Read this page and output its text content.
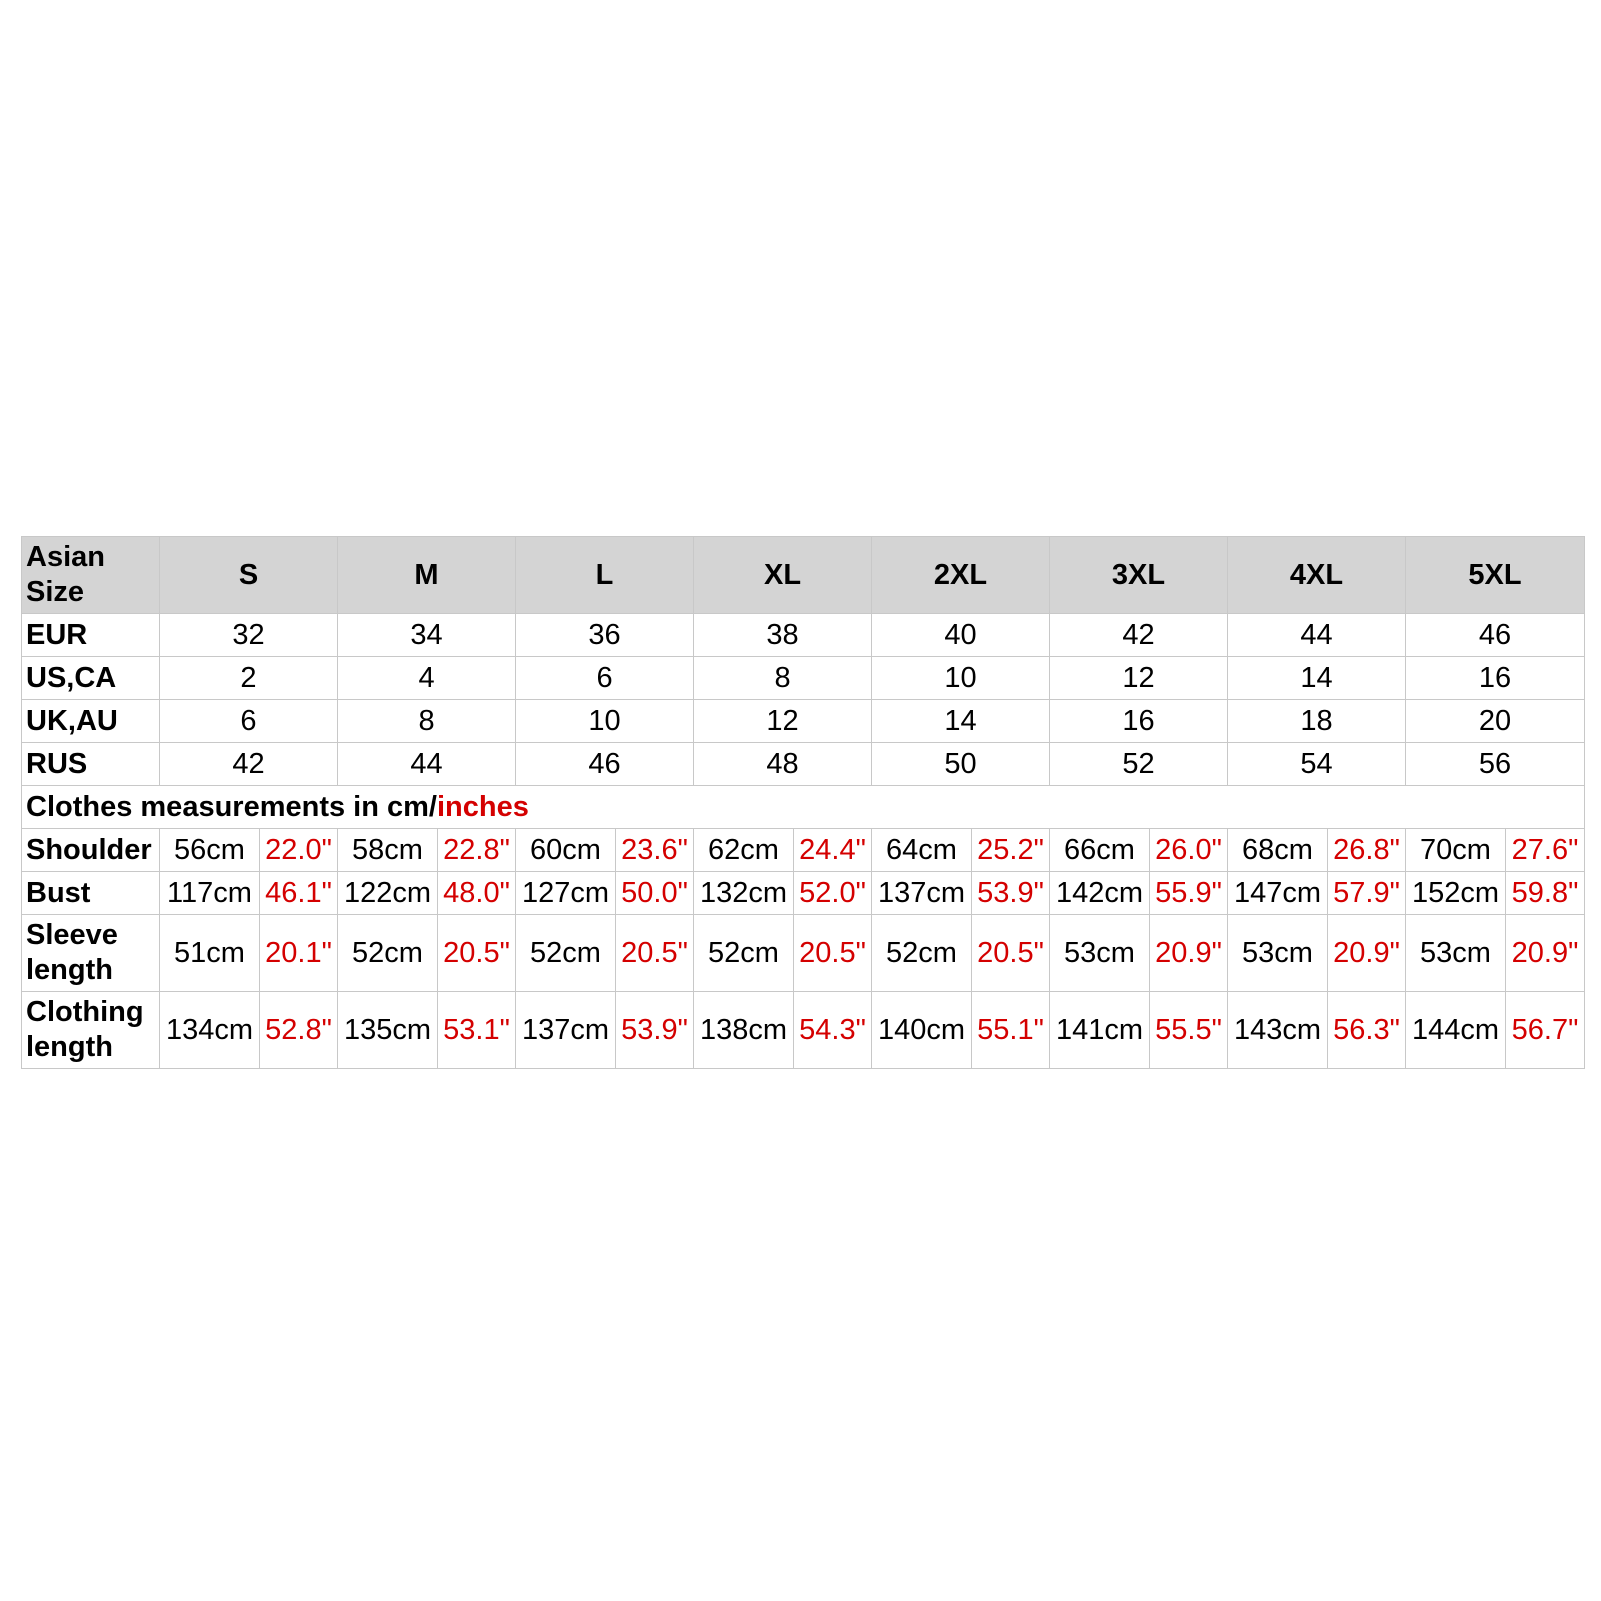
Asian Size	S		M		L		XL		2XL		3XL		4XL		5XL	
EUR	32		34		36		38		40		42		44		46	
US,CA	2		4		6		8		10		12		14		16	
UK,AU	6		8		10		12		14		16		18		20	
RUS	42		44		46		48		50		52		54		56	
Clothes measurements in cm/inches																
Shoulder	56cm	22.0"	58cm	22.8"	60cm	23.6"	62cm	24.4"	64cm	25.2"	66cm	26.0"	68cm	26.8"	70cm	27.6"
Bust	117cm	46.1"	122cm	48.0"	127cm	50.0"	132cm	52.0"	137cm	53.9"	142cm	55.9"	147cm	57.9"	152cm	59.8"
Sleeve length	51cm	20.1"	52cm	20.5"	52cm	20.5"	52cm	20.5"	52cm	20.5"	53cm	20.9"	53cm	20.9"	53cm	20.9"
Clothing length	134cm	52.8"	135cm	53.1"	137cm	53.9"	138cm	54.3"	140cm	55.1"	141cm	55.5"	143cm	56.3"	144cm	56.7"
